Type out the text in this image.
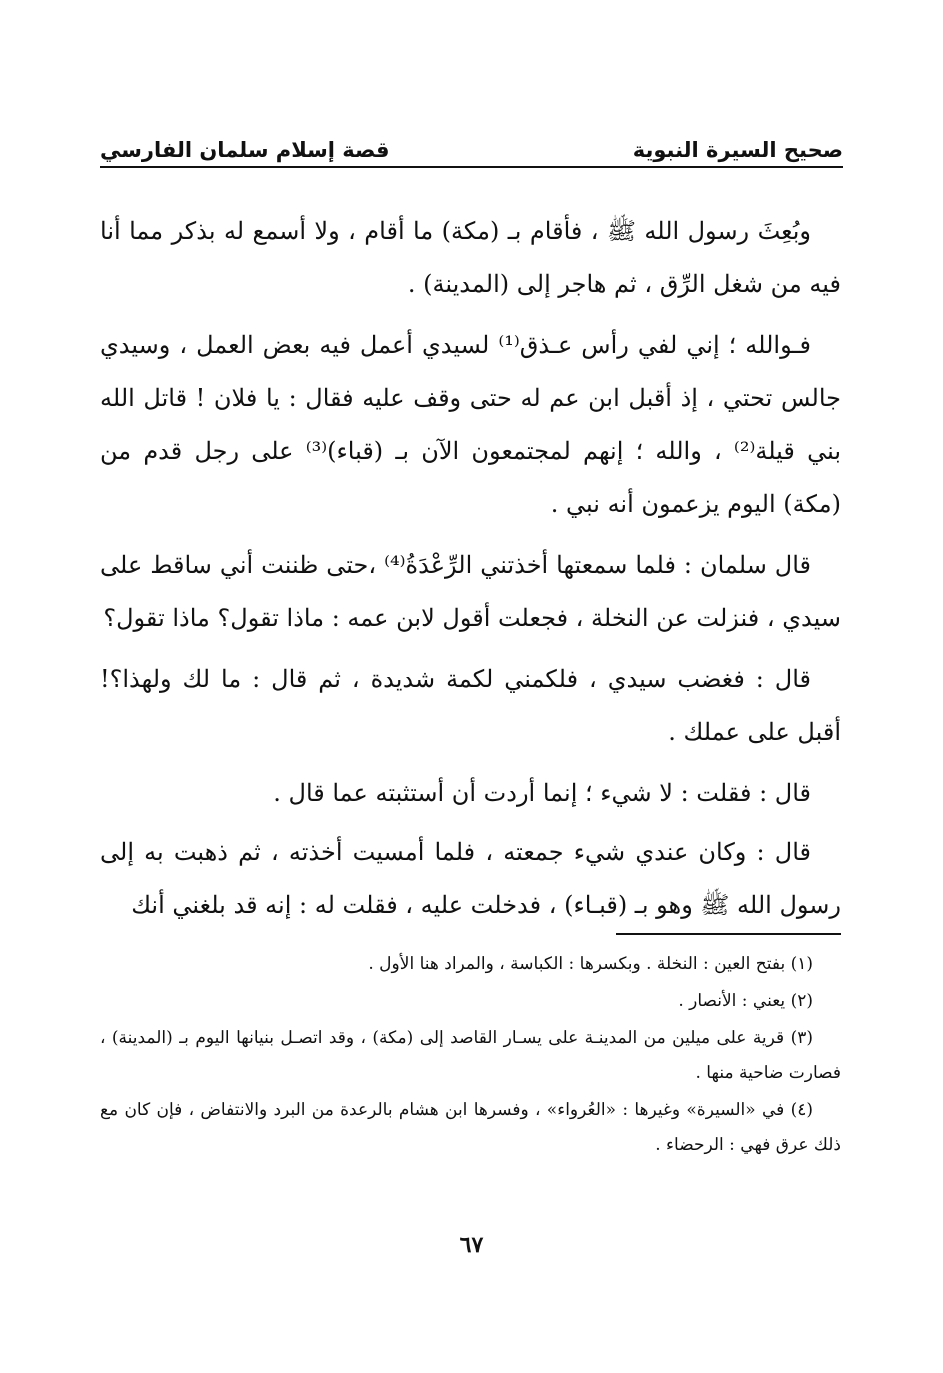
صحيح السيرة النبوية
قصة إسلام سلمان الفارسي

وبُعِثَ رسول الله ﷺ ، فأقام بـ (مكة) ما أقام ، ولا أسمع له بذكر مما أنا فيه من شغل الرِّق ، ثم هاجر إلى (المدينة) .

فـوالله ؛ إني لفي رأس عـذق⁽¹⁾ لسيدي أعمل فيه بعض العمل ، وسيدي جالس تحتي ، إذ أقبل ابن عم له حتى وقف عليه فقال : يا فلان ! قاتل الله بني قيلة⁽²⁾ ، والله ؛ إنهم لمجتمعون الآن بـ (قباء)⁽³⁾ على رجل قدم من (مكة) اليوم يزعمون أنه نبي .

قال سلمان : فلما سمعتها أخذتني الرِّعْدَةُ⁽⁴⁾ ،حتى ظننت أني ساقط على سيدي ، فنزلت عن النخلة ، فجعلت أقول لابن عمه : ماذا تقول؟ ماذا تقول؟

قال : فغضب سيدي ، فلكمني لكمة شديدة ، ثم قال : ما لك ولهذا؟! أقبل على عملك .

قال : فقلت : لا شيء ؛ إنما أردت أن أستثبته عما قال .

قال : وكان عندي شيء جمعته ، فلما أمسيت أخذته ، ثم ذهبت به إلى رسول الله ﷺ وهو بـ (قبـاء) ، فدخلت عليه ، فقلت له : إنه قد بلغني أنك

(١) بفتح العين : النخلة . وبكسرها : الكباسة ، والمراد هنا الأول .

(٢) يعني : الأنصار .

(٣) قرية على ميلين من المدينـة على يسـار القاصد إلى (مكة) ، وقد اتصـل بنيانها اليوم بـ (المدينة) ، فصارت ضاحية منها .

(٤) في «السيرة» وغيرها : «العُرواء» ، وفسرها ابن هشام بالرعدة من البرد والانتفاض ، فإن كان مع ذلك عرق فهي : الرحضاء .

٦٧
